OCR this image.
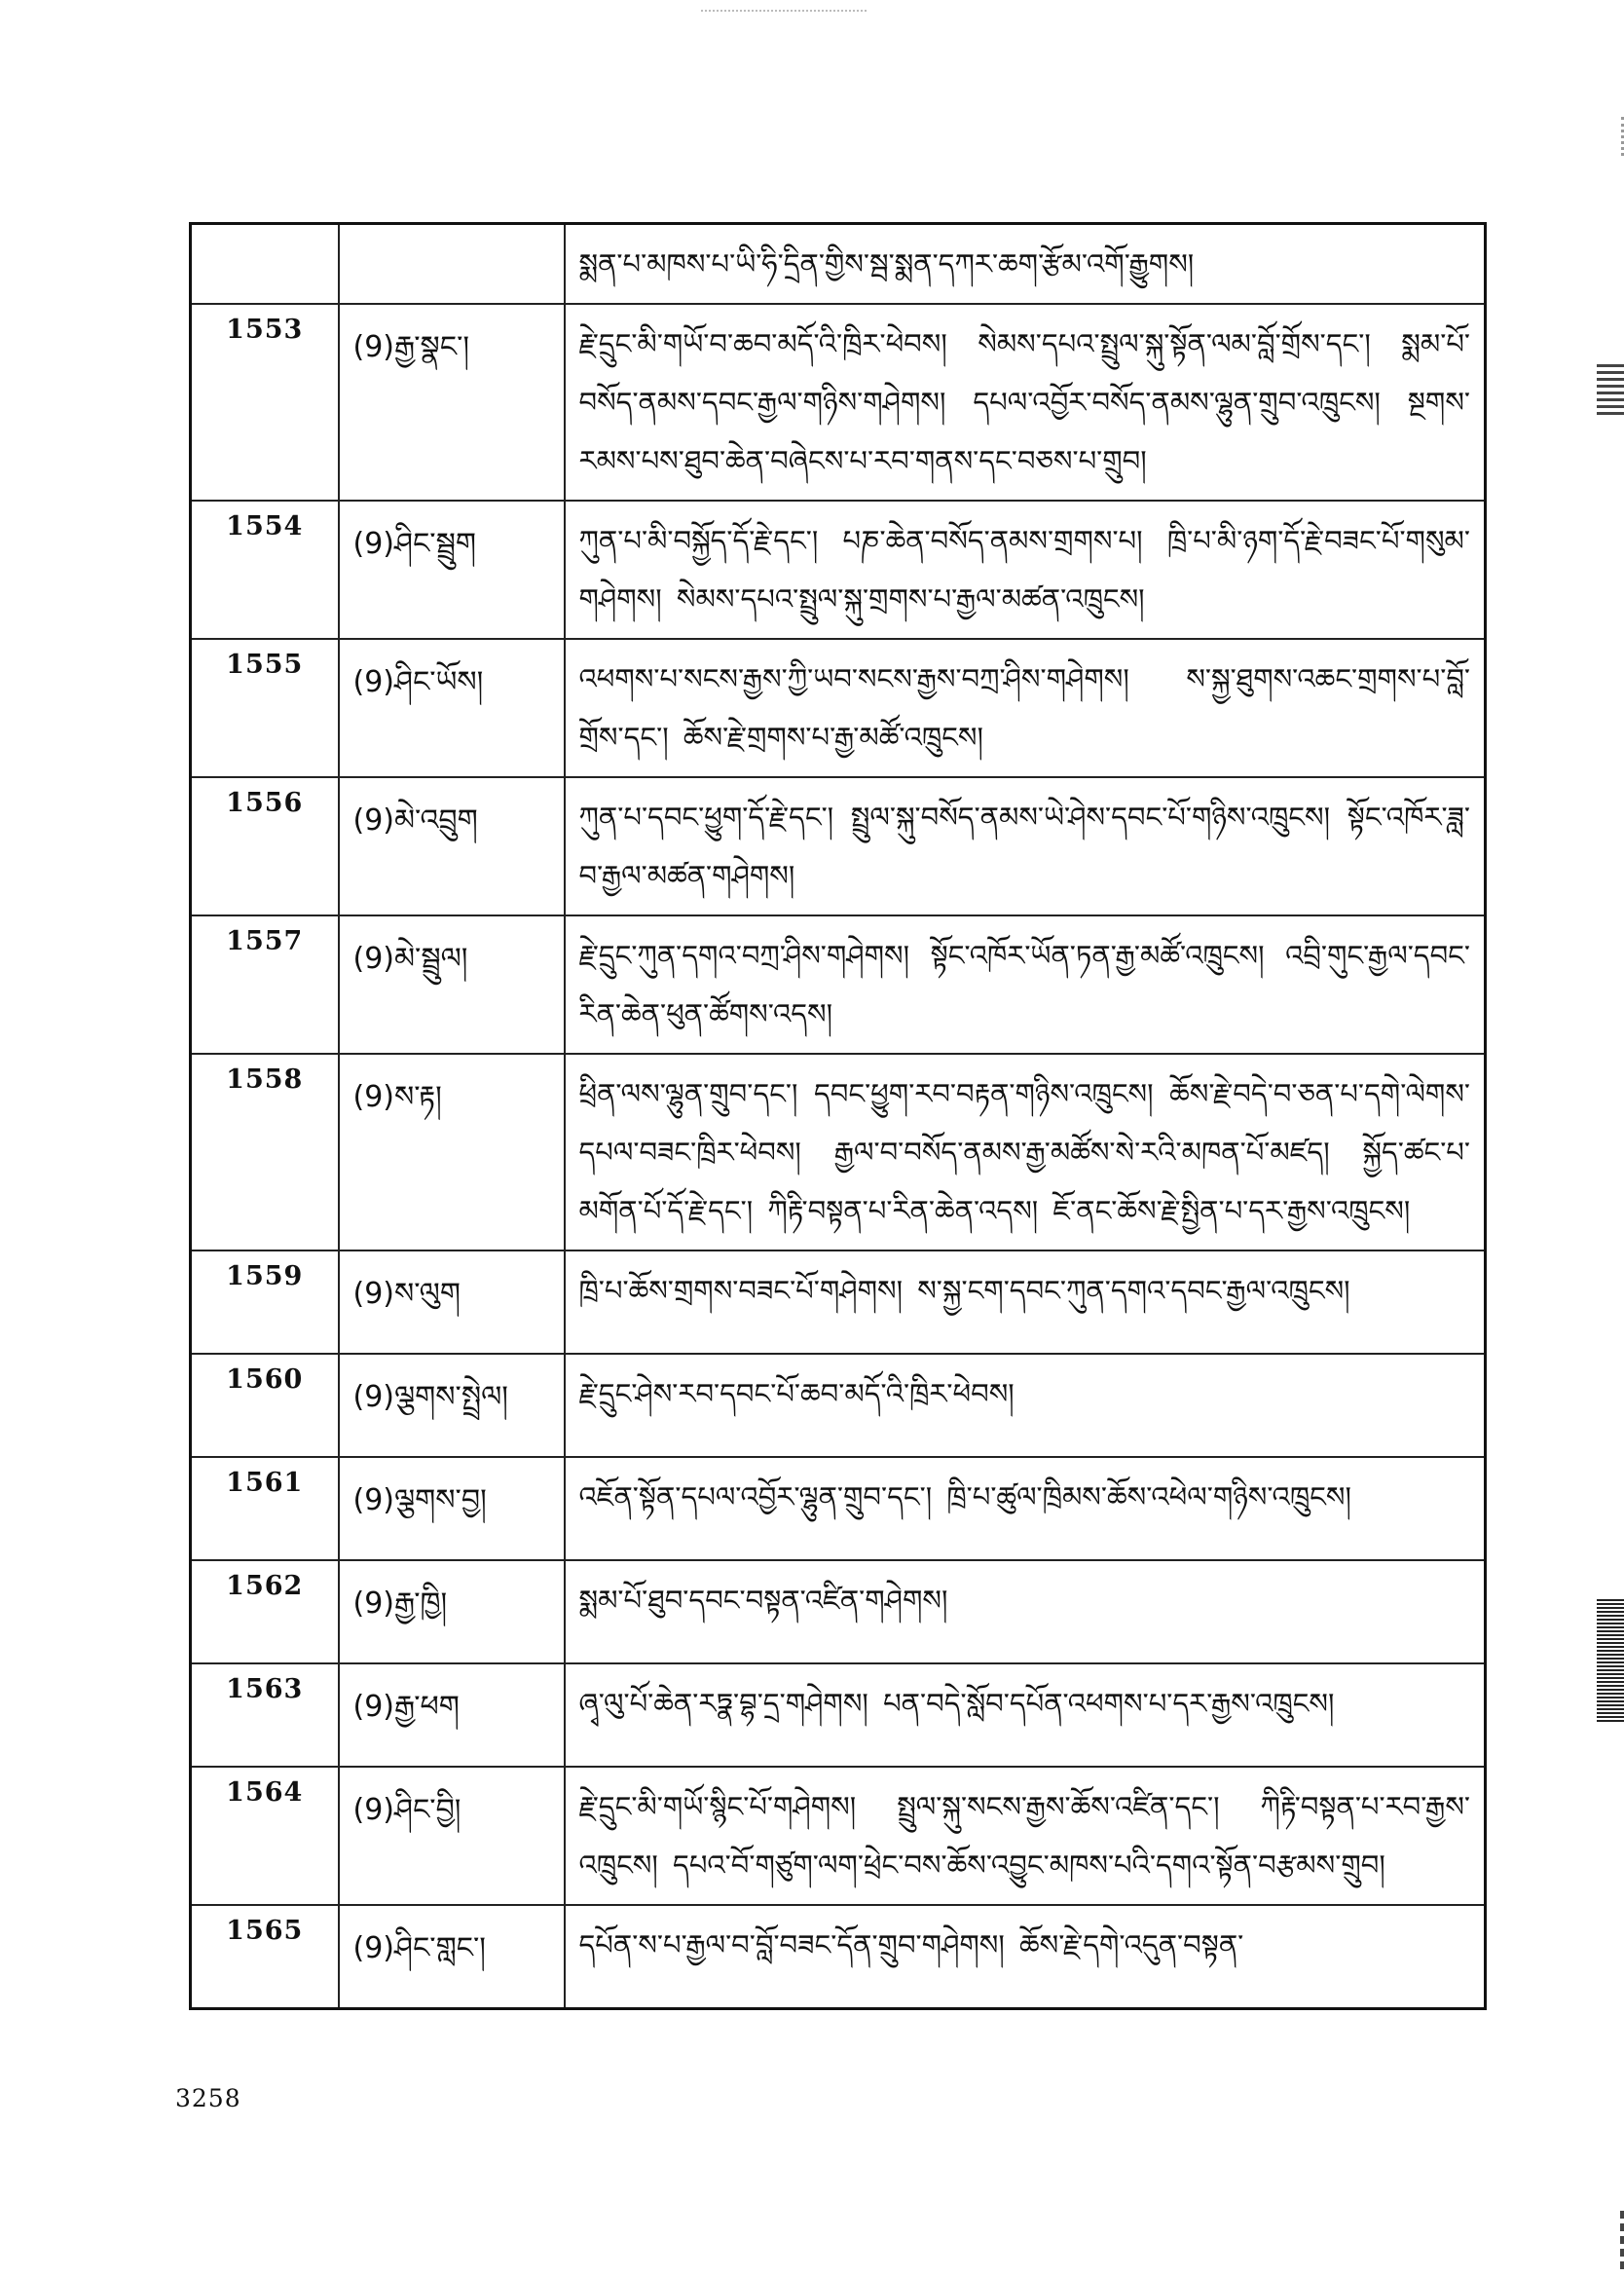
		སྨན་པ་མཁས་པ་ཡི་ཧི་དྲིན་གྱིས་སྦ་སྨན་དཀར་ཆག་རྩོམ་འགོ་རྒྱུགས།
1553	(9)རྒྱ་སྣང་།	རྗེ་དྲུང་མི་གཡོ་བ་ཆབ་མདོ་འི་ཁྲིར་ཕེབས། སེམས་དཔའ་སྤྲུལ་སྐུ་སྟོན་ལམ་བློ་གྲོས་དང་། སྨམ་པོ་བསོད་ནམས་དབང་རྒྱལ་གཉིས་གཤེགས། དཔལ་འབྱོར་བསོད་ནམས་ལྷུན་གྲུབ་འཁྲུངས། སྔགས་རམས་པས་ཐུབ་ཆེན་བཞེངས་པ་རབ་གནས་དང་བཅས་པ་གྲུབ།
1554	(9)ཤིང་སྦྲུག	ཀུན་པ་མི་བསྐྱོད་དོ་རྗེ་དང་། པཎ་ཆེན་བསོད་ནམས་གྲགས་པ། ཁྲི་པ་མི་ཉག་དོ་རྗེ་བཟང་པོ་གསུམ་གཤེགས། སེམས་དཔའ་སྤྲུལ་སྐུ་གྲགས་པ་རྒྱལ་མཚན་འཁྲུངས།
1555	(9)ཤིང་ཡོས།	འཕགས་པ་སངས་རྒྱས་ཀྱི་ཡབ་སངས་རྒྱས་བཀྲ་ཤིས་གཤེགས། ས་སྐྱ་ཐུགས་འཆང་གྲགས་པ་བློ་གྲོས་དང་། ཆོས་རྗེ་གྲགས་པ་རྒྱ་མཚོ་འཁྲུངས།
1556	(9)མེ་འབྲུག	ཀུན་པ་དབང་ཕྱུག་དོ་རྗེ་དང་། སྤྲུལ་སྐུ་བསོད་ནམས་ཡེ་ཤེས་དབང་པོ་གཉིས་འཁྲུངས། སྟོང་འཁོར་ཟླ་བ་རྒྱལ་མཚན་གཤེགས།
1557	(9)མེ་སྦྲུལ།	རྗེ་དྲུང་ཀུན་དགའ་བཀྲ་ཤིས་གཤེགས། སྟོང་འཁོར་ཡོན་ཏན་རྒྱ་མཚོ་འཁྲུངས། འབྲི་གུང་རྒྱལ་དབང་རིན་ཆེན་ཕུན་ཚོགས་འདས།
1558	(9)ས་རྟ།	ཕྲིན་ལས་ལྷུན་གྲུབ་དང་། དབང་ཕྱུག་རབ་བརྟན་གཉིས་འཁྲུངས། ཆོས་རྗེ་བདེ་བ་ཅན་པ་དགེ་ལེགས་དཔལ་བཟང་ཁྲིར་ཕེབས། རྒྱལ་བ་བསོད་ནམས་རྒྱ་མཚོས་སེ་རའི་མཁན་པོ་མཛད། སྐྱོད་ཚང་པ་མགོན་པོ་དོ་རྗེ་དང་། ཀིརྟི་བསྟན་པ་རིན་ཆེན་འདས། ཇོ་ནང་ཆོས་རྗེ་སྤྱིན་པ་དར་རྒྱས་འཁྲུངས།
1559	(9)ས་ལུག	ཁྲི་པ་ཆོས་གྲགས་བཟང་པོ་གཤེགས། ས་སྐྱ་ངག་དབང་ཀུན་དགའ་དབང་རྒྱལ་འཁྲུངས།
1560	(9)ལྕགས་སྤྲེལ།	རྗེ་དྲུང་ཤེས་རབ་དབང་པོ་ཆབ་མདོ་འི་ཁྲིར་ཕེབས།
1561	(9)ལྕགས་བྱ།	འཇོན་སྟོན་དཔལ་འབྱོར་ལྷུན་གྲུབ་དང་། ཁྲི་པ་ཚུལ་ཁྲིམས་ཆོས་འཕེལ་གཉིས་འཁྲུངས།
1562	(9)རྒྱ་ཁྱི།	སྨམ་པོ་ཐུབ་དབང་བསྟན་འཛིན་གཤེགས།
1563	(9)རྒྱ་ཕག	ཞྭ་ལུ་པོ་ཆེན་རཏྣ་བྷ་དྲ་གཤེགས། པན་བདེ་སློབ་དཔོན་འཕགས་པ་དར་རྒྱས་འཁྲུངས།
1564	(9)ཤིང་བྱི།	རྗེ་དྲུང་མི་གཡོ་སྙིང་པོ་གཤེགས། སྤྲུལ་སྐུ་སངས་རྒྱས་ཆོས་འཛིན་དང་། ཀིརྟི་བསྟན་པ་རབ་རྒྱས་འཁྲུངས། དཔའ་བོ་གཙུག་ལག་ཕྲེང་བས་ཆོས་འབྱུང་མཁས་པའི་དགའ་སྟོན་བརྩམས་གྲུབ།
1565	(9)ཤིང་གླང་།	དཔོན་ས་པ་རྒྱལ་བ་བློ་བཟང་དོན་གྲུབ་གཤེགས། ཆོས་རྗེ་དགེ་འདུན་བསྟན་
3258
